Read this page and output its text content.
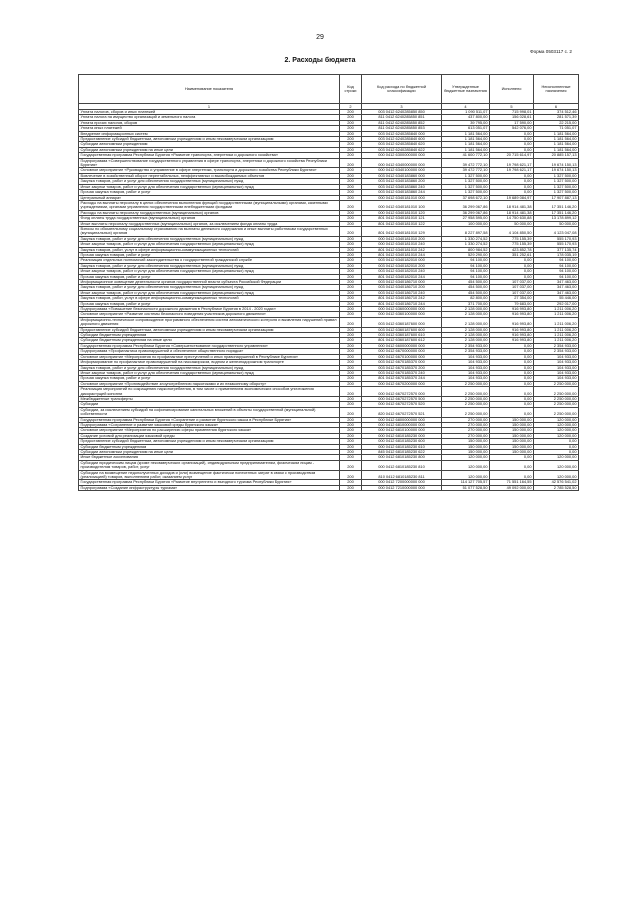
29
Форма 0503117 с. 2
2. Расходы бюджета
Наименование показателя	Код строки	Код расхода по бюджетной классификации	Утвержденные бюджетные назначения	Исполнено	Неисполненные назначения
1	2	3	4	5	6
Уплата налогов, сборов и иных платежей	200	003 0412 6240285850 850	1 090 511,07	715 998,01	374 512,46
Уплата налога на имущество организаций и земельного налога	200	811 0412 6240285850 851	437 800,00	156 028,61	281 571,39
Уплата прочих налогов, сборов	200	811 0412 6240285850 852	39 795,00	17 590,00	22 215,00
Уплата иных платежей	200	811 0412 6240285850 853	613 051,07	542 076,00	71 051,07
Внедрение информационных систем	200	003 0412 6240285840 000	1 181 564,00	0,00	1 181 564,00
Предоставление субсидий бюджетным, автономным учреждениям и иным некоммерческим организациям	200	003 0412 6240285840 600	1 181 564,00	0,00	1 181 564,00
Субсидии автономным учреждениям	200	003 0412 6240285840 620	1 181 564,00	0,00	1 181 564,00
Субсидии автономным учреждениям на иные цели	200	003 0412 6240285840 622	1 181 564,00	0,00	1 181 564,00
Государственная программа Республики Бурятия «Развитие транспорта, энергетики и дорожного хозяйства»	200	000 0412 6300000000 000	41 600 772,10	20 715 614,97	20 885 157,13
Подпрограмма «Совершенствование государственного управления в сфере транспорта, энергетики и дорожного хозяйства Республики Бурятия»	200	000 0412 6340000000 000	39 472 772,10	19 798 621,17	19 674 150,13
Основное мероприятие «Руководство и управление в сфере энергетики, транспорта и дорожного хозяйства Республики Бурятия»	200	000 0412 6340100000 000	39 472 772,10	19 798 621,17	19 674 150,13
Вовлечение в хозяйственный оборот нерентабельных, неэффективных и высвобождаемых объектов	200	003 0412 6340183860 000	1 327 500,00	0,00	1 327 500,00
Закупка товаров, работ и услуг для обеспечения государственных (муниципальных) нужд	200	003 0412 6340183860 200	1 327 500,00	0,00	1 327 500,00
Иные закупки товаров, работ и услуг для обеспечения государственных (муниципальных) нужд	200	003 0412 6340183860 240	1 327 500,00	0,00	1 327 500,00
Прочая закупка товаров, работ и услуг	200	003 0412 6340183860 244	1 327 500,00	0,00	1 327 500,00
Центральный аппарат	200	000 0412 6340181010 000	37 698 672,10	19 689 084,97	17 907 887,13
Расходы на выплаты персоналу в целях обеспечения выполнения функций государственными (муниципальными) органами, казенными учреждениями, органами управления государственными внебюджетными фондами	200	000 0412 6340181010 100	36 299 067,86	18 914 481,38	17 351 146,20
Расходы на выплаты персоналу государственных (муниципальных) органов	200	000 0412 6340181010 120	36 299 067,86	18 914 481,38	17 351 146,20
Фонд оплаты труда государственных (муниципальных) органов	200	801 0412 6340181010 121	27 958 595,00	14 750 630,88	13 178 899,12
Иные выплаты персоналу государственных (муниципальных) органов, за исключением фонда оплаты труда	200	801 0412 6340181010 122	100 000,00	50 000,00	50 000,00
Взносы по обязательному социальному страхованию на выплаты денежного содержания и иные выплаты работникам государственных (муниципальных) органов	200	801 0412 6340181010 129	8 227 897,58	4 104 850,50	4 123 047,08
Закупка товаров, работ и услуг для обеспечения государственных (муниципальных) нужд	200	000 0412 6340181010 200	1 330 274,52	775 155,39	555 170,93
Иные закупки товаров, работ и услуг для обеспечения государственных (муниципальных) нужд	200	000 0412 6340181010 240	1 330 274,52	775 155,39	555 170,93
Закупка товаров, работ, услуг в сфере информационно-коммуникационных технологий	200	801 0412 6340181010 242	800 984,52	423 852,78	377 135,74
Прочая закупка товаров, работ и услуг	200	801 0412 6340181010 244	529 290,00	351 252,61	178 035,19
Реализация отдельных полномочий законодательства о государственной гражданской службе	200	003 0412 6340182010 000	94 100,00	0,00	94 100,00
Закупка товаров, работ и услуг для обеспечения государственных (муниципальных) нужд	200	003 0412 6340182010 200	94 100,00	0,00	94 100,00
Иные закупки товаров, работ и услуг для обеспечения государственных (муниципальных) нужд	200	003 0412 6340182010 240	94 100,00	0,00	94 100,00
Прочая закупка товаров, работ и услуг	200	801 0412 6340182010 244	94 100,00	0,00	94 100,00
Информационное освещение деятельности органов государственной власти субъекта Российской Федерации	200	003 0412 6340186710 000	454 500,00	107 037,00	347 463,00
Закупка товаров, работ и услуг для обеспечения государственных (муниципальных) нужд	200	003 0412 6340186710 200	454 500,00	107 037,00	347 463,00
Иные закупки товаров, работ и услуг для обеспечения государственных (муниципальных) нужд	200	003 0412 6340186710 240	454 500,00	107 037,00	347 463,00
Закупка товаров, работ, услуг в сфере информационно-коммуникационных технологий	200	801 0412 6340186710 242	82 800,00	27 354,00	55 446,00
Прочая закупка товаров, работ и услуг	200	801 0412 6340186710 244	371 700,00	79 683,00	292 017,00
Подпрограмма «Повышение безопасности дорожного движения в Республике Бурятия в 2014 - 2020 годах»	200	000 0412 6360000000 000	2 128 000,00	916 993,80	1 211 006,20
Основное мероприятие «Развитие системы безопасного поведения участников дорожного движения»	200	000 0412 6360100000 000	2 128 000,00	916 993,80	1 211 006,20
Информационно-техническое сопровождение программного обеспечения систем автоматического контроля и выявления нарушений правил дорожного движения	200	003 0412 6360187600 000	2 128 000,00	916 993,80	1 211 006,20
Предоставление субсидий бюджетным, автономным учреждениям и иным некоммерческим организациям	200	003 0412 6360187600 600	2 128 000,00	916 993,80	1 211 006,20
Субсидии бюджетным учреждениям	200	003 0412 6360187600 610	2 128 000,00	916 993,80	1 211 006,20
Субсидии бюджетным учреждениям на иные цели	200	801 0412 6360187600 612	2 128 000,00	916 993,80	1 211 006,20
Государственная программа Республики Бурятия «Совершенствование государственного управления»	200	000 0412 6600000000 000	2 354 933,00	0,00	2 354 933,00
Подпрограмма «Профилактика правонарушений и обеспечение общественного порядка»	200	000 0412 6670000000 000	2 354 933,00	0,00	2 354 933,00
Основное мероприятие «Мероприятия по профилактике преступлений и иных правонарушений в Республике Бурятия»	200	000 0412 6670100000 000	104 933,00	0,00	104 933,00
Информирование по профилактике правонарушений на пассажирском, водном и железнодорожном транспорте	200	003 0412 6670185370 000	104 933,00	0,00	104 933,00
Закупка товаров, работ и услуг для обеспечения государственных (муниципальных) нужд	200	003 0412 6670185370 200	104 933,00	0,00	104 933,00
Иные закупки товаров, работ и услуг для обеспечения государственных (муниципальных) нужд	200	003 0412 6670185370 240	104 933,00	0,00	104 933,00
Прочая закупка товаров, работ и услуг	200	801 0412 6670185370 244	104 933,00	0,00	104 933,00
Основное мероприятие «Противодействие злоупотреблению наркотиками и их незаконному обороту»	200	000 0412 6670200000 000	2 250 000,00	0,00	2 250 000,00
Реализация мероприятий по сокращению наркопотребления, в том числе с применением экономических способов уничтожения дикорастущей конопли	200	000 0412 6670272570 000	2 250 000,00	0,00	2 250 000,00
Межбюджетные трансферты	200	000 0412 6670272570 500	2 250 000,00	0,00	2 250 000,00
Субсидии	200	000 0412 6670272570 520	2 250 000,00	0,00	2 250 000,00
Субсидии, за исключением субсидий на софинансирование капитальных вложений в объекты государственной (муниципальной) собственности	200	820 0412 6670272570 521	2 250 000,00	0,00	2 250 000,00
Государственная программа Республики Бурятия «Сохранение и развитие бурятского языка в Республике Бурятия»	200	000 0412 6800000000 000	270 000,00	150 000,00	120 000,00
Подпрограмма «Сохранение и развитие языковой среды бурятского языка»	200	000 0412 6810000000 000	270 000,00	150 000,00	120 000,00
Основное мероприятие «Мероприятия по расширению сферы применения бурятского языка»	200	000 0412 6810100000 000	270 000,00	150 000,00	120 000,00
Создание условий для реализации языковой среды	200	000 0412 6810185230 000	270 000,00	150 000,00	120 000,00
Предоставление субсидий бюджетным, автономным учреждениям и иным некоммерческим организациям	200	000 0412 6810185230 600	150 000,00	150 000,00	0,00
Субсидии бюджетным учреждениям	200	000 0412 6810185230 610	150 000,00	150 000,00	0,00
Субсидии автономным учреждениям на иные цели	200	845 0412 6810185230 622	150 000,00	150 000,00	0,00
Иные бюджетные ассигнования	200	000 0412 6810185230 800	120 000,00	0,00	120 000,00
Субсидии юридическим лицам (кроме некоммерческих организаций), индивидуальным предпринимателям, физическим лицам - производителям товаров, работ, услуг	200	000 0412 6810185230 810	120 000,00	0,00	120 000,00
Субсидии на возмещение недополученных доходов и (или) возмещение фактически понесенных затрат в связи с производством (реализацией) товаров, выполнением работ, оказанием услуг	200	810 0412 6810185230 811	120 000,00	0,00	120 000,00
Государственная программа Республики Бурятия «Развитие внутреннего и въездного туризма Республики Бурятия»	200	000 0412 7200000000 000	114 127 705,57	71 551 164,55	42 576 541,02
Подпрограмма «Создание инфраструктуры туризма»	200	000 0412 7210000000 000	51 077 528,50	49 092 000,00	2 785 528,50
